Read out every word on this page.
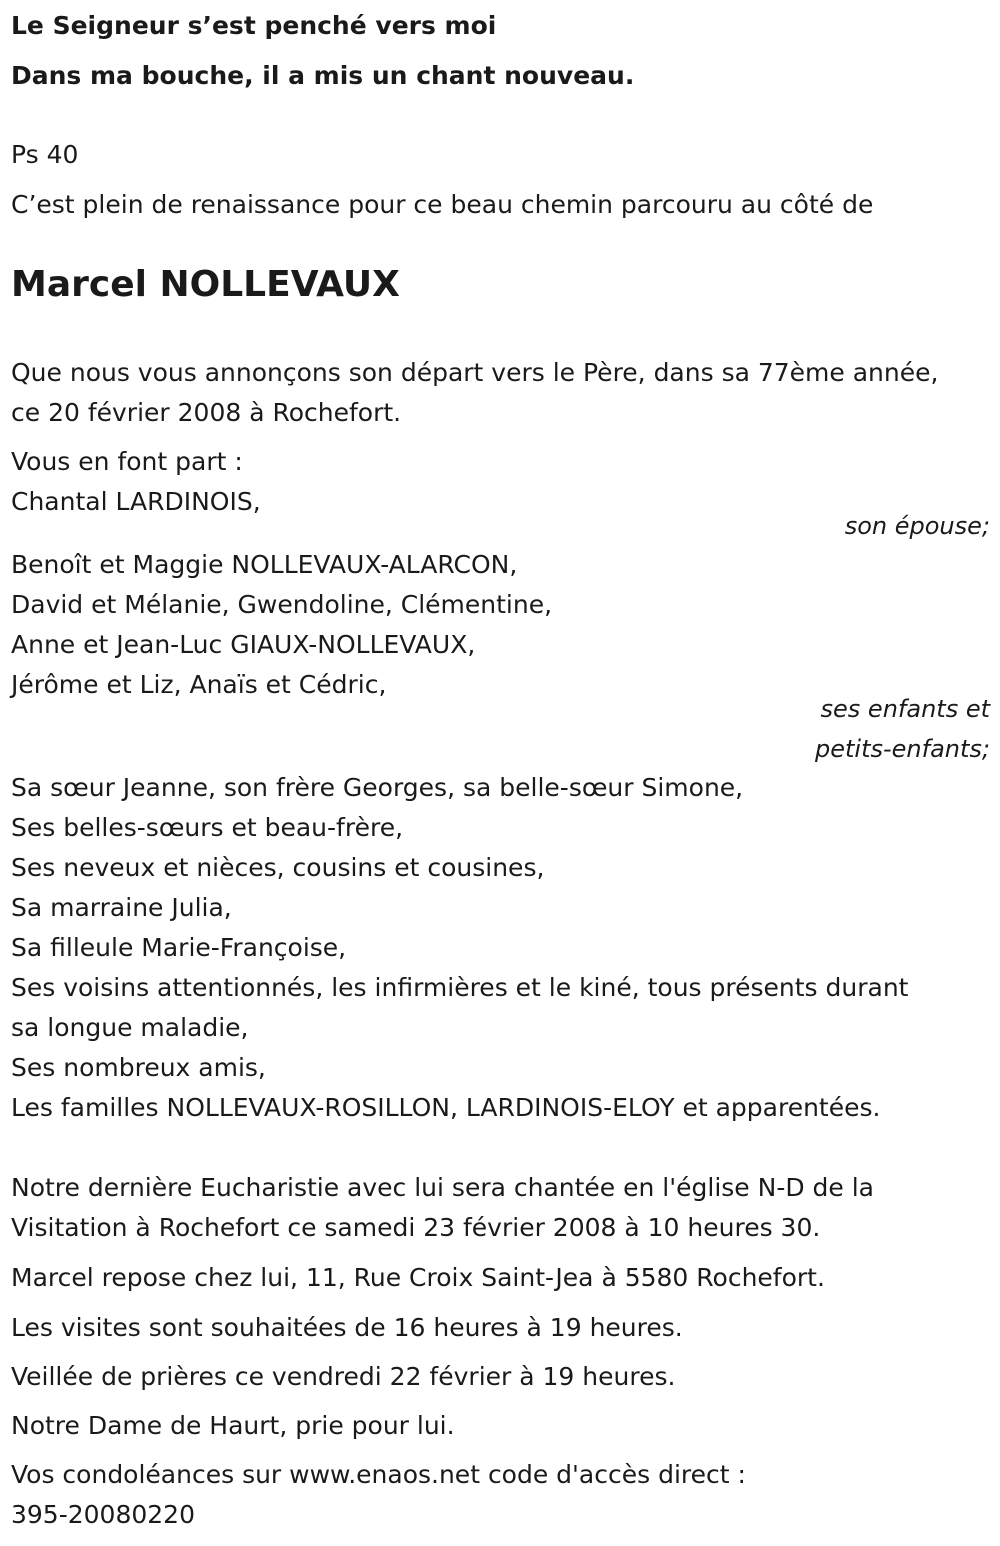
Le Seigneur s’est penché vers moi
Dans ma bouche, il a mis un chant nouveau.
Ps 40
C’est plein de renaissance pour ce beau chemin parcouru au côté de
Marcel NOLLEVAUX
Que nous vous annonçons son départ vers le Père, dans sa 77ème année,
ce 20 février 2008 à Rochefort.
Vous en font part :
Chantal LARDINOIS,
son épouse;
Benoît et Maggie NOLLEVAUX-ALARCON,
David et Mélanie, Gwendoline, Clémentine,
Anne et Jean-Luc GIAUX-NOLLEVAUX,
Jérôme et Liz, Anaïs et Cédric,
ses enfants et
petits-enfants;
Sa sœur Jeanne, son frère Georges, sa belle-sœur Simone,
Ses belles-sœurs et beau-frère,
Ses neveux et nièces, cousins et cousines,
Sa marraine Julia,
Sa filleule Marie-Françoise,
Ses voisins attentionnés, les infirmières et le kiné, tous présents durant
sa longue maladie,
Ses nombreux amis,
Les familles NOLLEVAUX-ROSILLON, LARDINOIS-ELOY et apparentées.
Notre dernière Eucharistie avec lui sera chantée en l'église N-D de la
Visitation à Rochefort ce samedi 23 février 2008 à 10 heures 30.
Marcel repose chez lui, 11, Rue Croix Saint-Jea à 5580 Rochefort.
Les visites sont souhaitées de 16 heures à 19 heures.
Veillée de prières ce vendredi 22 février à 19 heures.
Notre Dame de Haurt, prie pour lui.
Vos condoléances sur www.enaos.net code d'accès direct :
395-20080220
